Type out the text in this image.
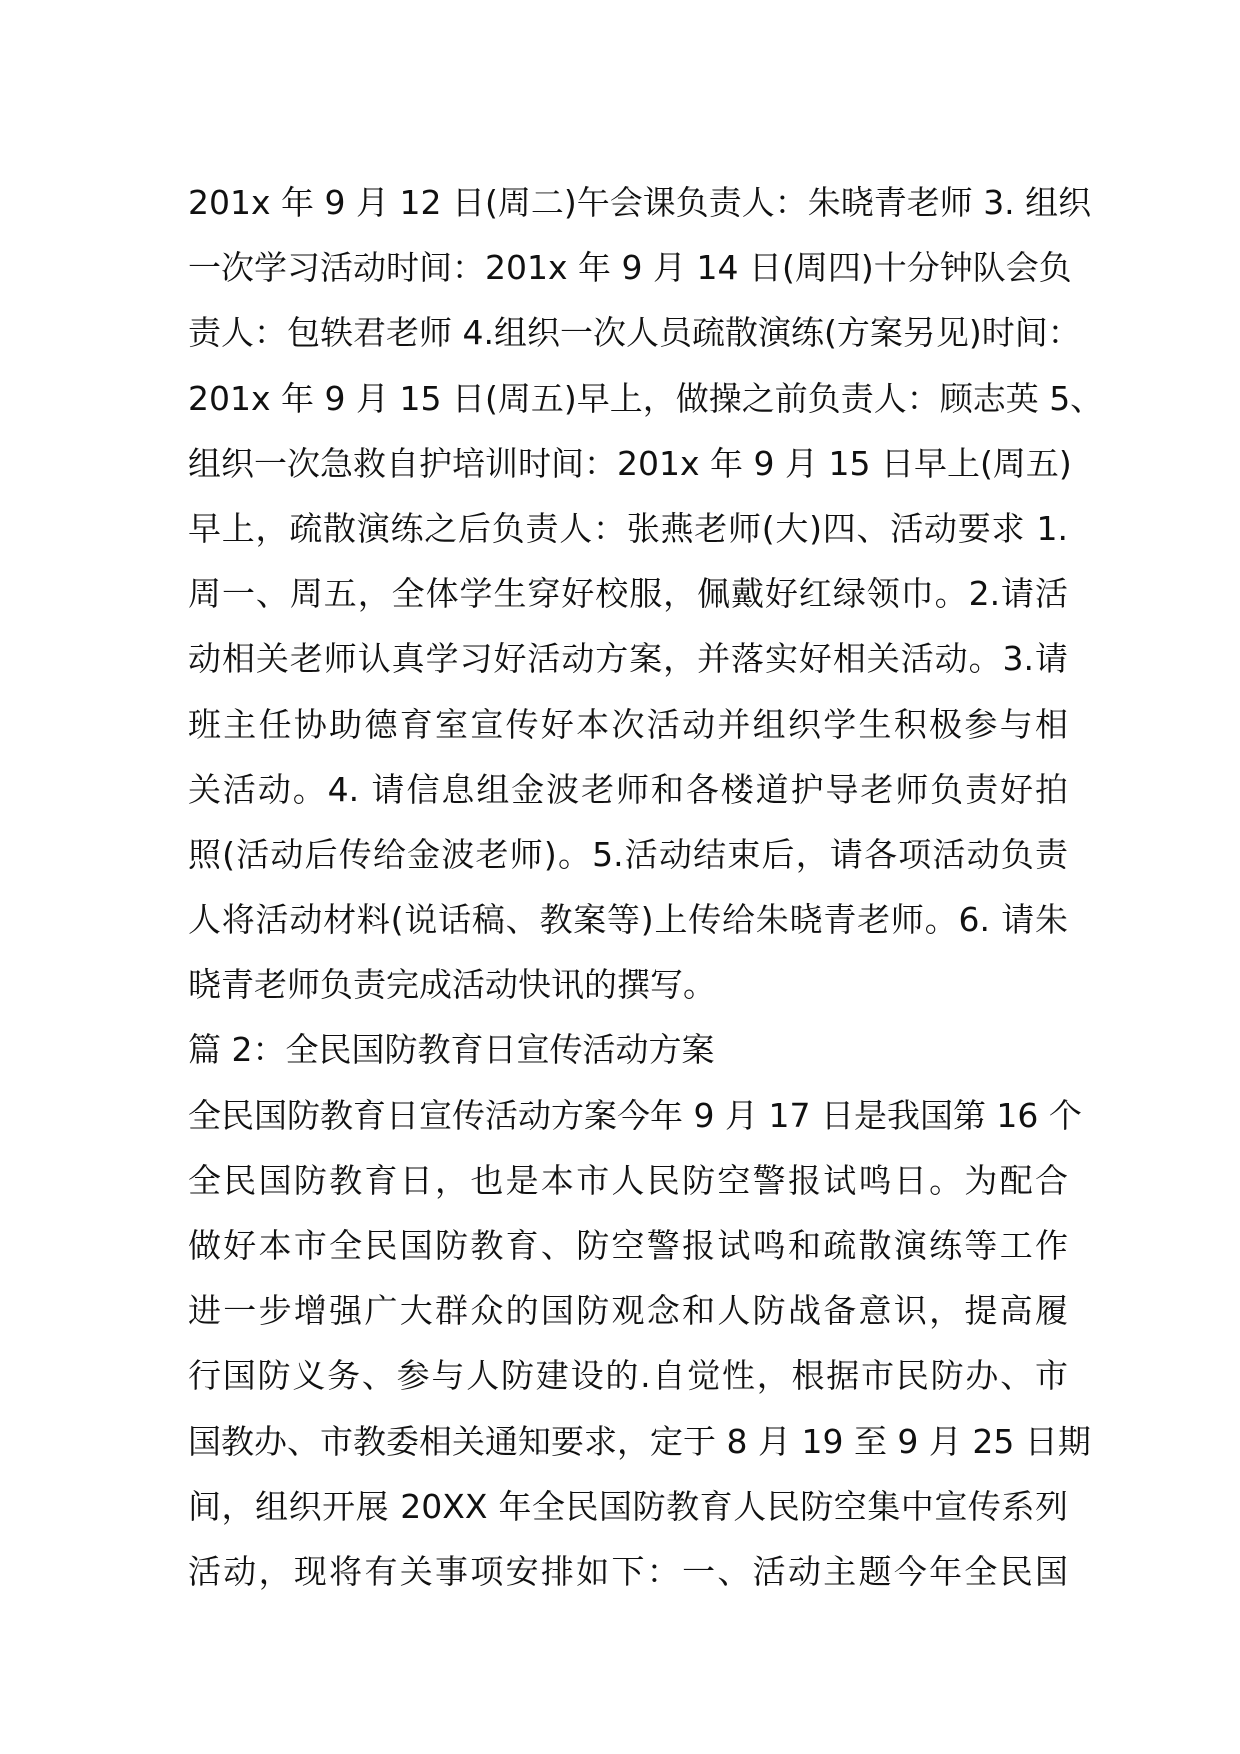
201x 年 9 月 12 日(周二)午会课负责人：朱晓青老师 3. 组织
一次学习活动时间：201x 年 9 月 14 日(周四)十分钟队会负
责人：包轶君老师 4.组织一次人员疏散演练(方案另见)时间：
201x 年 9 月 15 日(周五)早上，做操之前负责人：顾志英 5、
组织一次急救自护培训时间：201x 年 9 月 15 日早上(周五)
早上，疏散演练之后负责人：张燕老师(大)四、活动要求 1.
周一、周五，全体学生穿好校服，佩戴好红绿领巾。2.请活
动相关老师认真学习好活动方案，并落实好相关活动。3.请
班主任协助德育室宣传好本次活动并组织学生积极参与相
关活动。4. 请信息组金波老师和各楼道护导老师负责好拍
照(活动后传给金波老师)。5.活动结束后，请各项活动负责
人将活动材料(说话稿、教案等)上传给朱晓青老师。6. 请朱
晓青老师负责完成活动快讯的撰写。
篇 2：全民国防教育日宣传活动方案
全民国防教育日宣传活动方案今年 9 月 17 日是我国第 16 个
全民国防教育日，也是本市人民防空警报试鸣日。为配合
做好本市全民国防教育、防空警报试鸣和疏散演练等工作
进一步增强广大群众的国防观念和人防战备意识，提高履
行国防义务、参与人防建设的.自觉性，根据市民防办、市
国教办、市教委相关通知要求，定于 8 月 19 至 9 月 25 日期
间，组织开展 20XX 年全民国防教育人民防空集中宣传系列
活动，现将有关事项安排如下：一、活动主题今年全民国
